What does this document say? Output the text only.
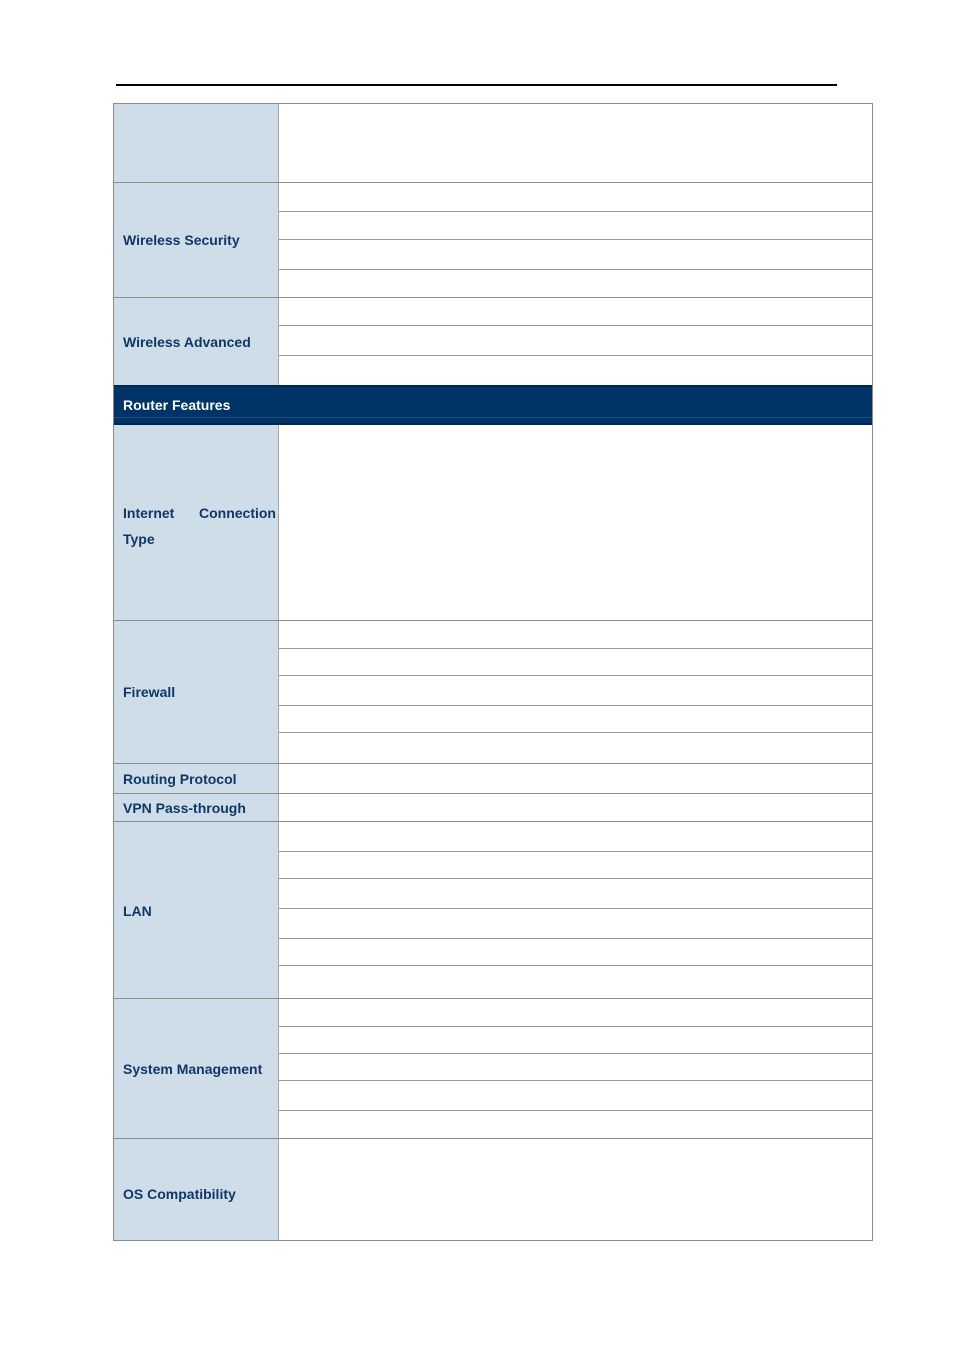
Wireless Security
Wireless Advanced
Router Features
Internet Connection Type
Firewall
Routing Protocol
VPN Pass-through
LAN
System Management
OS Compatibility
